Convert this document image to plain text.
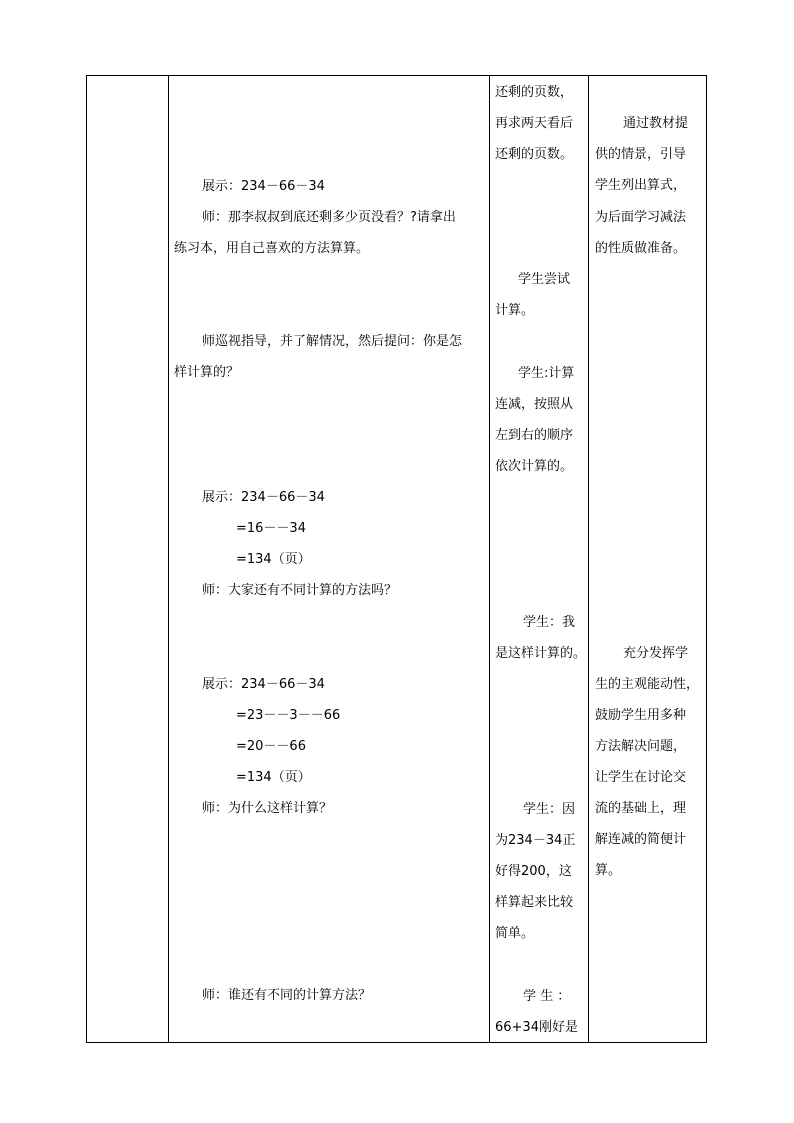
展示：234－66－34
师：那李叔叔到底还剩多少页没看？?请拿出
练习本，用自己喜欢的方法算算。
师巡视指导，并了解情况，然后提问：你是怎
样计算的？
展示：234－66－34
=16－－34
=134（页）
师：大家还有不同计算的方法吗？
展示：234－66－34
=23－－3－－66
=20－－66
=134（页）
师：为什么这样计算？
师：谁还有不同的计算方法？
还剩的页数，
再求两天看后
还剩的页数。
学生尝试
计算。
学生:计算
连减，按照从
左到右的顺序
依次计算的。
学生：我
是这样计算的。
学生：因
为234－34正
好得200，这
样算起来比较
简单。
学 生 ：
66+34刚好是
通过教材提
供的情景，引导
学生列出算式，
为后面学习减法
的性质做准备。
充分发挥学
生的主观能动性，
鼓励学生用多种
方法解决问题，
让学生在讨论交
流的基础上，理
解连减的简便计
算。
